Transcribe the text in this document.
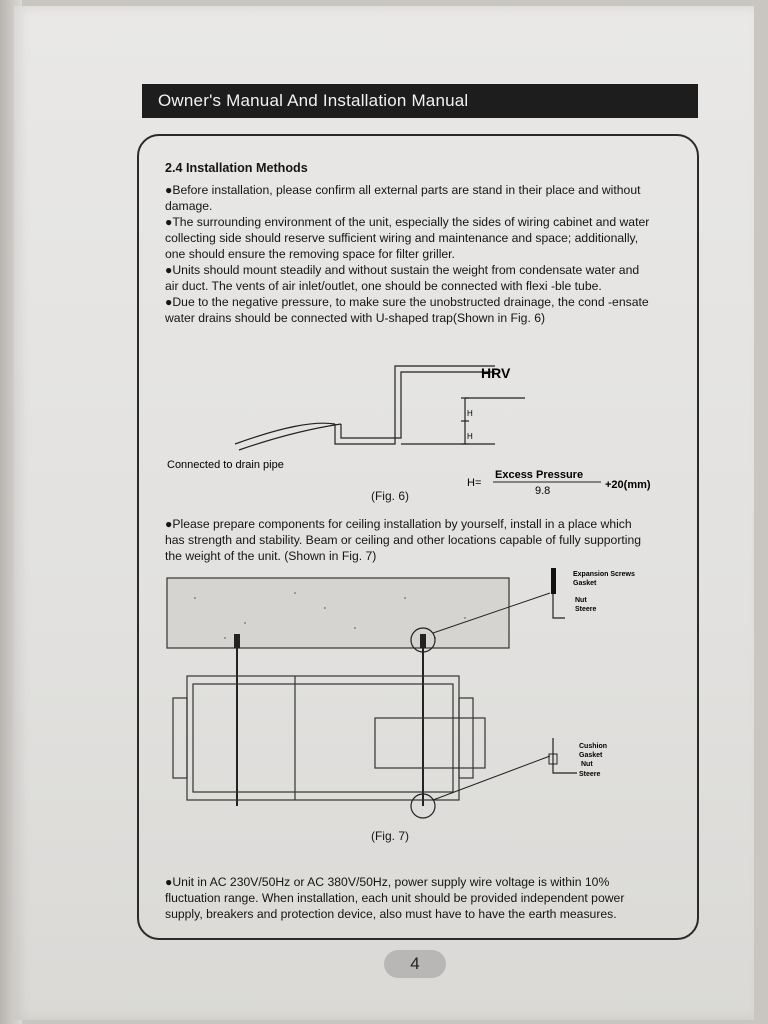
Owner's Manual And Installation Manual
2.4 Installation Methods

●Before installation, please confirm all external parts are stand in their place and without damage.

●The surrounding environment of the unit, especially the sides of wiring cabinet and water collecting side should reserve sufficient wiring and maintenance and space; additionally, one should ensure the removing space for filter griller.

●Units should mount steadily and without sustain the weight from condensate water and air duct. The vents of air inlet/outlet, one should be connected with flexi -ble tube.

●Due to the negative pressure, to make sure the unobstructed drainage, the cond -ensate water drains should be connected with U-shaped trap(Shown in Fig. 6)

H
H
HRV
Connected to drain pipe
H=
Excess Pressure
9.8	+20(mm)
(Fig. 6)

●Please prepare components for ceiling installation by yourself, install in a place which has strength and stability. Beam or ceiling and other locations capable of fully supporting the weight of the unit. (Shown in Fig. 7)

Expansion Screws
Gasket
Nut
Steere
Cushion
Gasket
Nut
Steere
(Fig. 7)

●Unit in AC 230V/50Hz or AC 380V/50Hz, power supply wire voltage is within 10% fluctuation range. When installation, each unit should be provided independent power supply, breakers and protection device, also must have to have the earth measures.

4
